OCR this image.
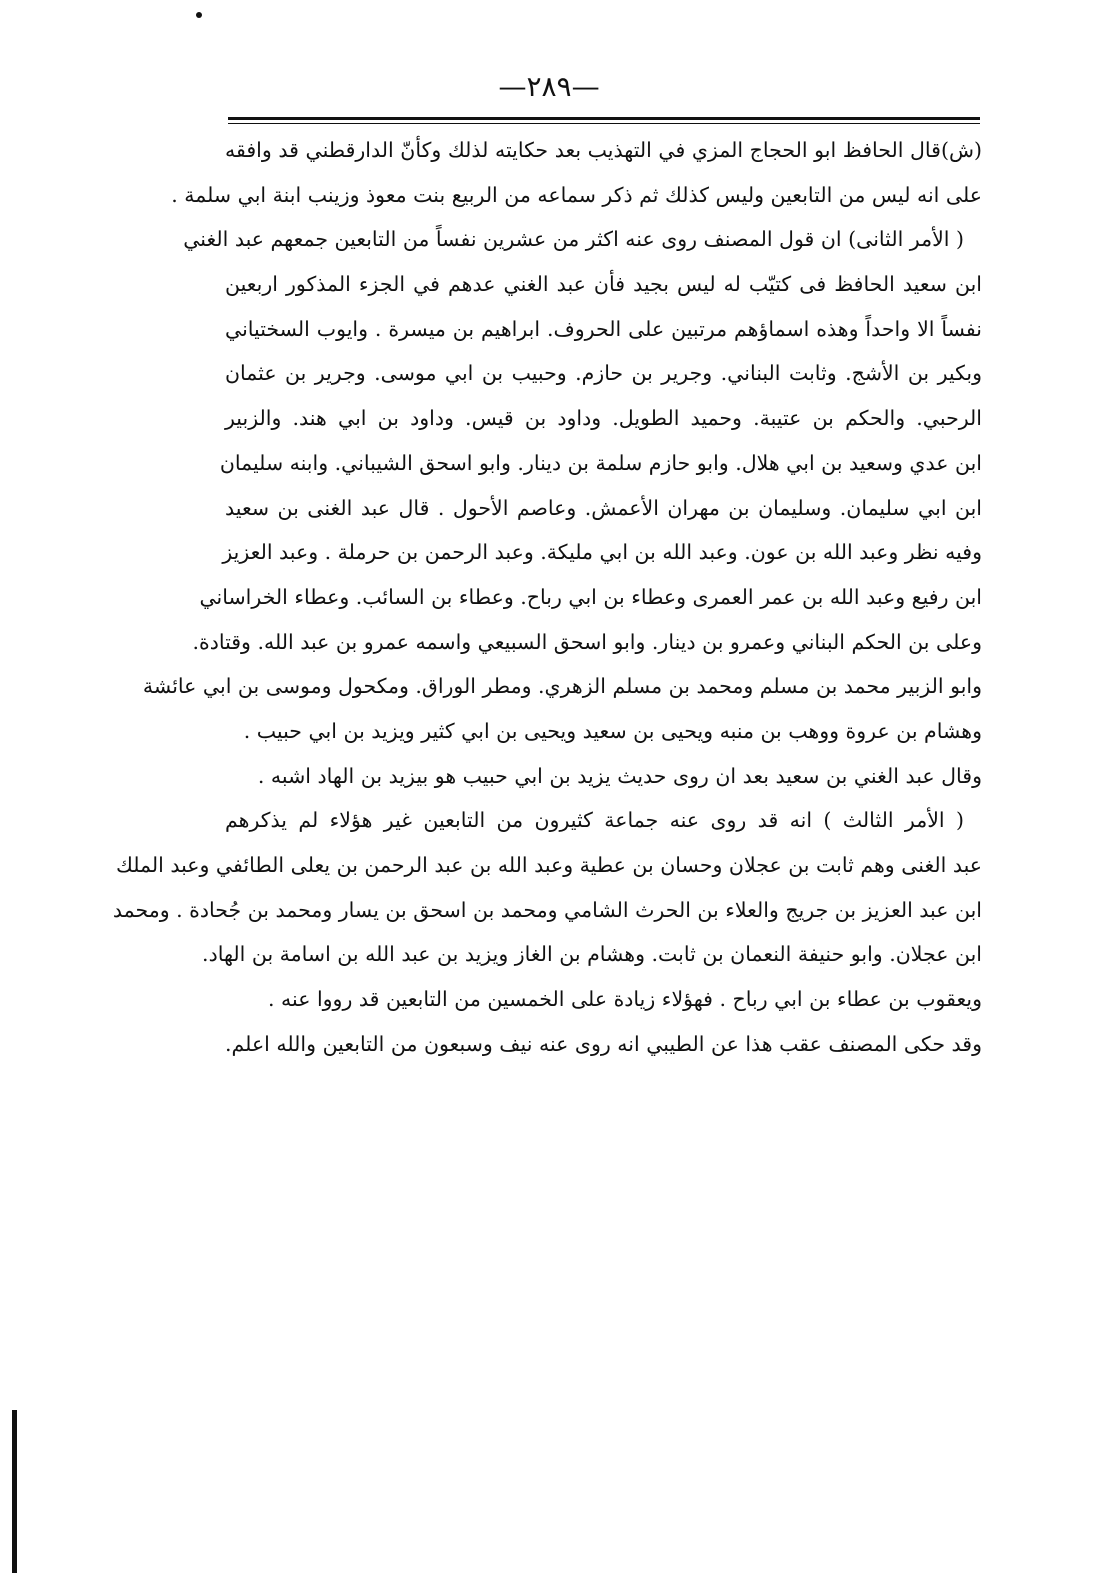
—٢٨٩—
(ش)قال الحافظ ابو الحجاج المزي في التهذيب بعد حكايته لذلك وكأنّ الدارقطني قد وافقه
على انه ليس من التابعين وليس كذلك ثم ذكر سماعه من الربيع بنت معوذ وزينب ابنة ابي سلمة .
( الأمر الثانى) ان قول المصنف روى عنه اكثر من عشرين نفساً من التابعين جمعهم عبد الغني
ابن سعيد الحافظ فى كتيّب له ليس بجيد فأن عبد الغني عدهم في الجزء المذكور اربعين
نفساً الا واحداً وهذه اسماؤهم مرتبين على الحروف. ابراهيم بن ميسرة . وايوب السختياني
وبكير بن الأشج. وثابت البناني. وجرير بن حازم. وحبيب بن ابي موسى. وجرير بن عثمان
الرحبي. والحكم بن عتيبة. وحميد الطويل. وداود بن قيس. وداود بن ابي هند. والزبير
ابن عدي وسعيد بن ابي هلال. وابو حازم سلمة بن دينار. وابو اسحق الشيباني. وابنه سليمان
ابن ابي سليمان. وسليمان بن مهران الأعمش. وعاصم الأحول . قال عبد الغنى بن سعيد
وفيه نظر وعبد الله بن عون. وعبد الله بن ابي مليكة. وعبد الرحمن بن حرملة . وعبد العزيز
ابن رفيع وعبد الله بن عمر العمرى وعطاء بن ابي رباح. وعطاء بن السائب. وعطاء الخراساني
وعلى بن الحكم البناني وعمرو بن دينار. وابو اسحق السبيعي واسمه عمرو بن عبد الله. وقتادة.
وابو الزبير محمد بن مسلم ومحمد بن مسلم الزهري. ومطر الوراق. ومكحول وموسى بن ابي عائشة
وهشام بن عروة ووهب بن منبه ويحيى بن سعيد ويحيى بن ابي كثير ويزيد بن ابي حبيب .
وقال عبد الغني بن سعيد بعد ان روى حديث يزيد بن ابي حبيب هو بيزيد بن الهاد اشبه .
( الأمر الثالث ) انه قد روى عنه جماعة كثيرون من التابعين غير هؤلاء لم يذكرهم
عبد الغنى وهم ثابت بن عجلان وحسان بن عطية وعبد الله بن عبد الرحمن بن يعلى الطائفي وعبد الملك
ابن عبد العزيز بن جريج والعلاء بن الحرث الشامي ومحمد بن اسحق بن يسار ومحمد بن جُحادة . ومحمد
ابن عجلان. وابو حنيفة النعمان بن ثابت. وهشام بن الغاز ويزيد بن عبد الله بن اسامة بن الهاد.
ويعقوب بن عطاء بن ابي رباح . فهؤلاء زيادة على الخمسين من التابعين قد رووا عنه .
وقد حكى المصنف عقب هذا عن الطيبي انه روى عنه نيف وسبعون من التابعين والله اعلم.
